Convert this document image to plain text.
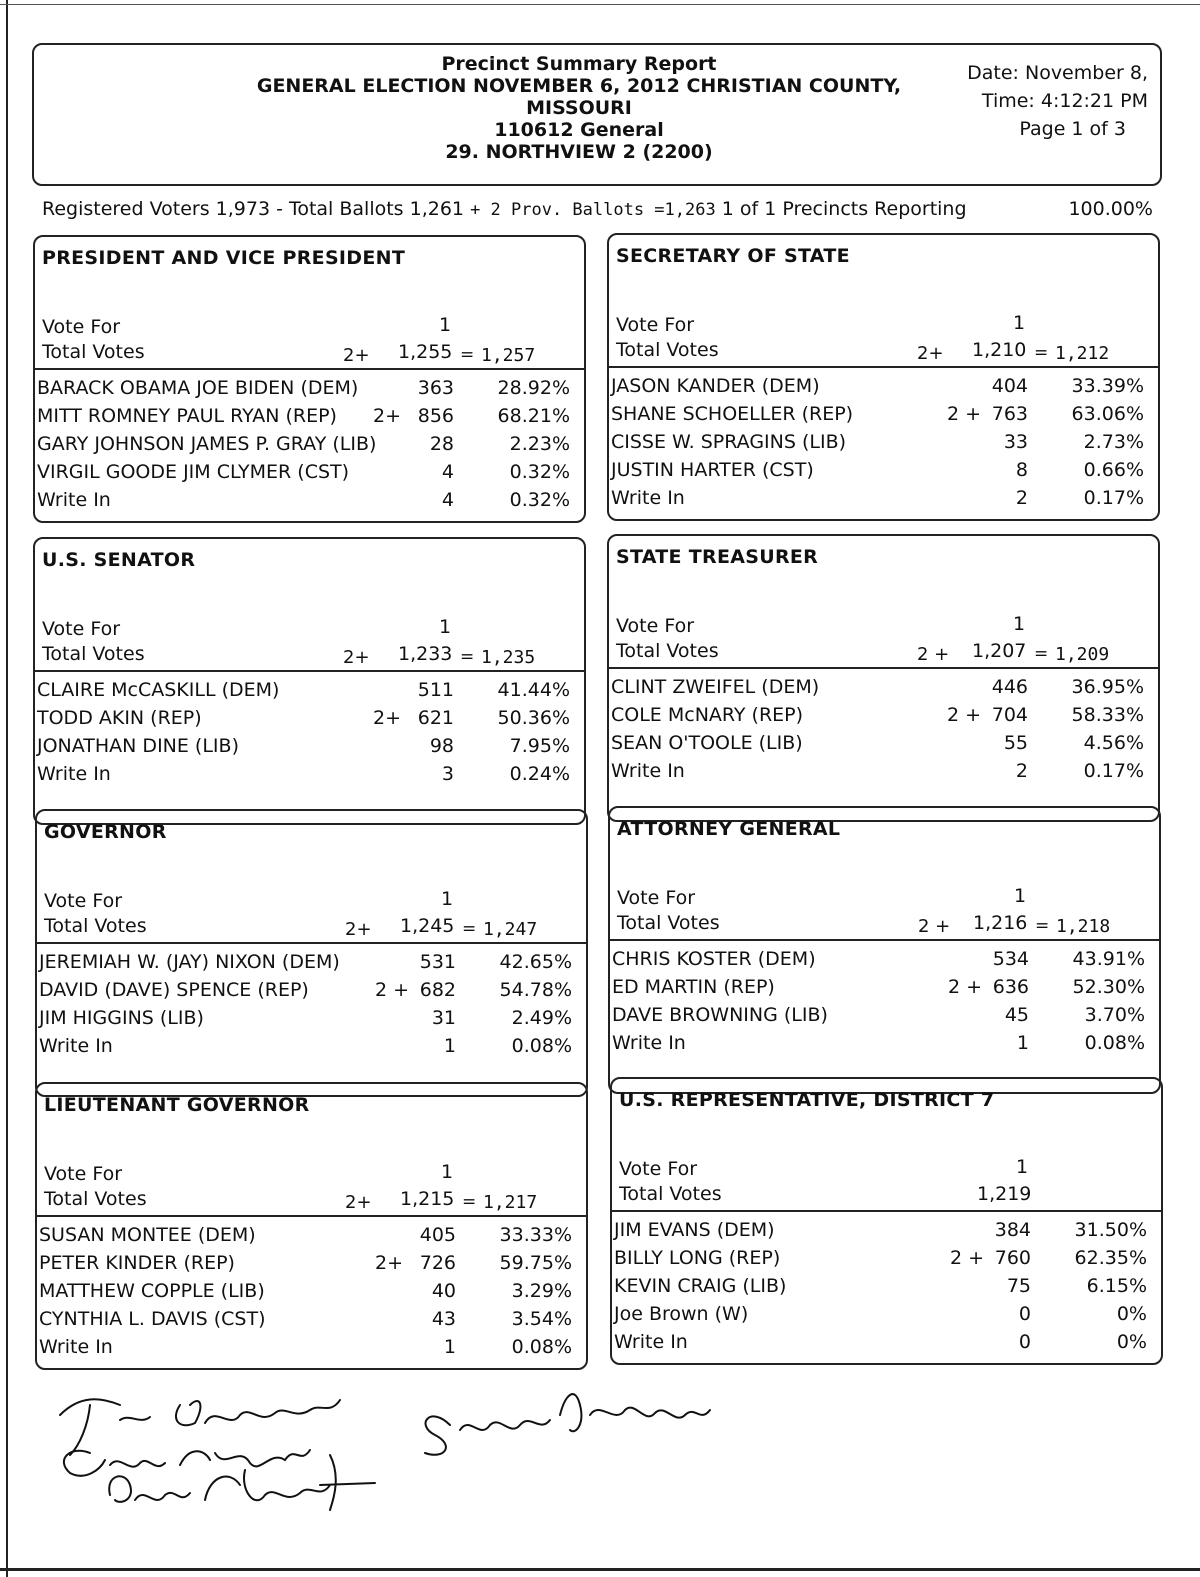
Precinct Summary Report
GENERAL ELECTION NOVEMBER 6, 2012 CHRISTIAN COUNTY,
MISSOURI
110612 General
29. NORTHVIEW 2 (2200)
Date: November 8,
Time: 4:12:21 PM
Page 1 of 3
Registered Voters 1,973 - Total Ballots 1,261 + 2 Prov. Ballots =1,263 1 of 1 Precincts Reporting	100.00%
PRESIDENT AND VICE PRESIDENT
Vote For	1
Total Votes	2+ 1,255 = 1,257
BARACK OBAMA JOE BIDEN (DEM)	363 28.92%
MITT ROMNEY PAUL RYAN (REP) 2+ 856 68.21%
GARY JOHNSON JAMES P. GRAY (LIB)	28	2.23%
VIRGIL GOODE JIM CLYMER (CST)	4	0.32%
Write In	4	0.32%
SECRETARY OF STATE
Vote For	1
Total Votes	2+ 1,210 = 1,212
JASON KANDER (DEM)	404 33.39%
SHANE SCHOELLER (REP)	2 + 763 63.06%
CISSE W. SPRAGINS (LIB)	33	2.73%
JUSTIN HARTER (CST)	8	0.66%
Write In	2	0.17%
U.S. SENATOR
Vote For	1
Total Votes	2+ 1,233 = 1,235
CLAIRE McCASKILL (DEM)	511 41.44%
TODD AKIN (REP)	2+ 621 50.36%
JONATHAN DINE (LIB)	98	7.95%
Write In	3	0.24%
STATE TREASURER
Vote For	1
Total Votes	2 + 1,207 = 1,209
CLINT ZWEIFEL (DEM)	446 36.95%
COLE McNARY (REP)	2 + 704 58.33%
SEAN O'TOOLE (LIB)	55	4.56%
Write In	2	0.17%
GOVERNOR
Vote For	1
Total Votes	2+ 1,245 = 1,247
JEREMIAH W. (JAY) NIXON (DEM)	531 42.65%
DAVID (DAVE) SPENCE (REP)	2 + 682 54.78%
JIM HIGGINS (LIB)	31	2.49%
Write In	1	0.08%
ATTORNEY GENERAL
Vote For	1
Total Votes	2 + 1,216 = 1,218
CHRIS KOSTER (DEM)	534 43.91%
ED MARTIN (REP)	2 + 636 52.30%
DAVE BROWNING (LIB)	45	3.70%
Write In	1	0.08%
LIEUTENANT GOVERNOR
Vote For	1
Total Votes	2+ 1,215 = 1,217
SUSAN MONTEE (DEM)	405 33.33%
PETER KINDER (REP)	2+ 726 59.75%
MATTHEW COPPLE (LIB)	40	3.29%
CYNTHIA L. DAVIS (CST)	43	3.54%
Write In	1	0.08%
U.S. REPRESENTATIVE, DISTRICT 7
Vote For	1
Total Votes	1,219
JIM EVANS (DEM)	384 31.50%
BILLY LONG (REP)	2 + 760 62.35%
KEVIN CRAIG (LIB)	75	6.15%
Joe Brown (W)	0	0%
Write In	0	0%
